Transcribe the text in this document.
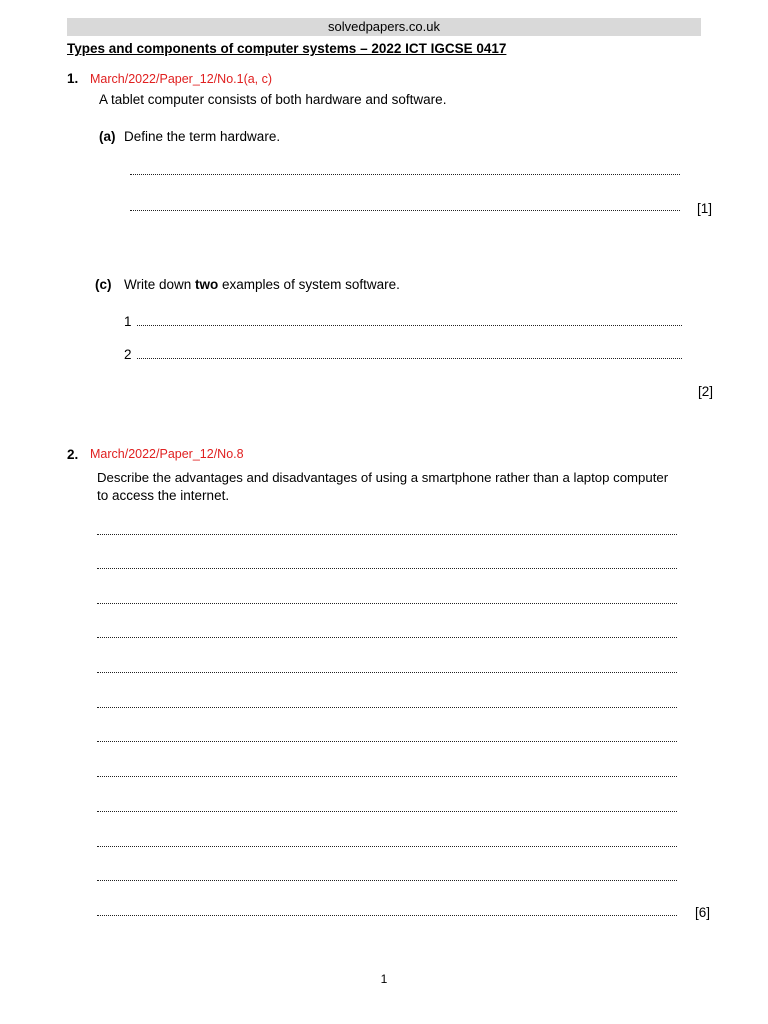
solvedpapers.co.uk
Types and components of computer systems – 2022 ICT IGCSE 0417
1. March/2022/Paper_12/No.1(a, c)
A tablet computer consists of both hardware and software.
(a) Define the term hardware.
[1]
(c) Write down two examples of system software.
1
2
[2]
2. March/2022/Paper_12/No.8
Describe the advantages and disadvantages of using a smartphone rather than a laptop computer
to access the internet.
[6]
1
